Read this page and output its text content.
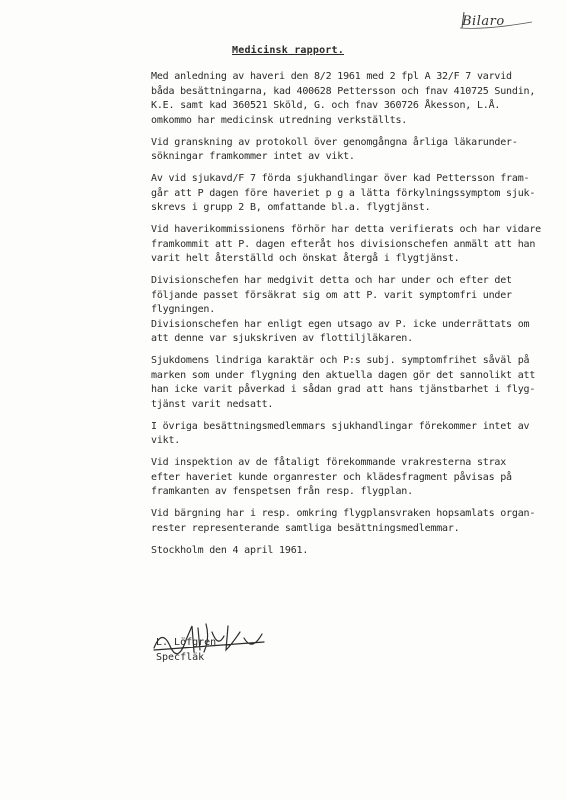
Bilaro
Medicinsk rapport.

Med anledning av haveri den 8/2 1961 med 2 fpl A 32/F 7 varvid
båda besättningarna, kad 400628 Pettersson och fnav 410725 Sundin,
K.E. samt kad 360521 Sköld, G. och fnav 360726 Åkesson, L.Å.
omkommo har medicinsk utredning verkställts.

Vid granskning av protokoll över genomgångna årliga läkarunder-
sökningar framkommer intet av vikt.

Av vid sjukavd/F 7 förda sjukhandlingar över kad Pettersson fram-
går att P dagen före haveriet p g a lätta förkylningssymptom sjuk-
skrevs i grupp 2 B, omfattande bl.a. flygtjänst.

Vid haverikommissionens förhör har detta verifierats och har vidare
framkommit att P. dagen efteråt hos divisionschefen anmält att han
varit helt återställd och önskat återgå i flygtjänst.

Divisionschefen har medgivit detta och har under och efter det
följande passet försäkrat sig om att P. varit symptomfri under
flygningen.

Divisionschefen har enligt egen utsago av P. icke underrättats om
att denne var sjukskriven av flottiljläkaren.

Sjukdomens lindriga karaktär och P:s subj. symptomfrihet såväl på
marken som under flygning den aktuella dagen gör det sannolikt att
han icke varit påverkad i sådan grad att hans tjänstbarhet i flyg-
tjänst varit nedsatt.

I övriga besättningsmedlemmars sjukhandlingar förekommer intet av
vikt.

Vid inspektion av de fåtaligt förekommande vrakresterna strax
efter haveriet kunde organrester och klädesfragment påvisas på
framkanten av fenspetsen från resp. flygplan.

Vid bärgning har i resp. omkring flygplansvraken hopsamlats organ-
rester representerande samtliga besättningsmedlemmar.

Stockholm den 4 april 1961.

L. Löfgren
Specfläk
